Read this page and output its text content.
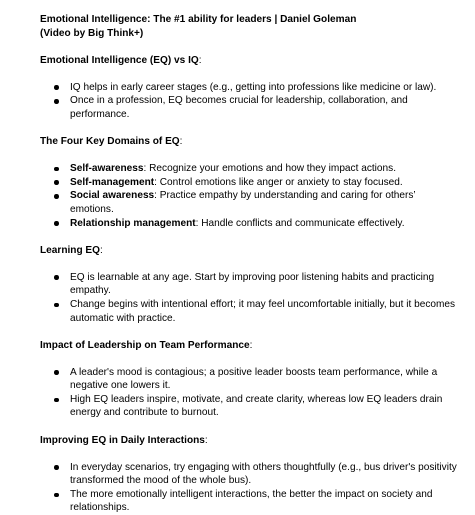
Emotional Intelligence: The #1 ability for leaders | Daniel Goleman
(Video by Big Think+)
Emotional Intelligence (EQ) vs IQ:
IQ helps in early career stages (e.g., getting into professions like medicine or law).
Once in a profession, EQ becomes crucial for leadership, collaboration, and performance.
The Four Key Domains of EQ:
Self-awareness: Recognize your emotions and how they impact actions.
Self-management: Control emotions like anger or anxiety to stay focused.
Social awareness: Practice empathy by understanding and caring for others’ emotions.
Relationship management: Handle conflicts and communicate effectively.
Learning EQ:
EQ is learnable at any age. Start by improving poor listening habits and practicing empathy.
Change begins with intentional effort; it may feel uncomfortable initially, but it becomes automatic with practice.
Impact of Leadership on Team Performance:
A leader's mood is contagious; a positive leader boosts team performance, while a negative one lowers it.
High EQ leaders inspire, motivate, and create clarity, whereas low EQ leaders drain energy and contribute to burnout.
Improving EQ in Daily Interactions:
In everyday scenarios, try engaging with others thoughtfully (e.g., bus driver's positivity transformed the mood of the whole bus).
The more emotionally intelligent interactions, the better the impact on society and relationships.
